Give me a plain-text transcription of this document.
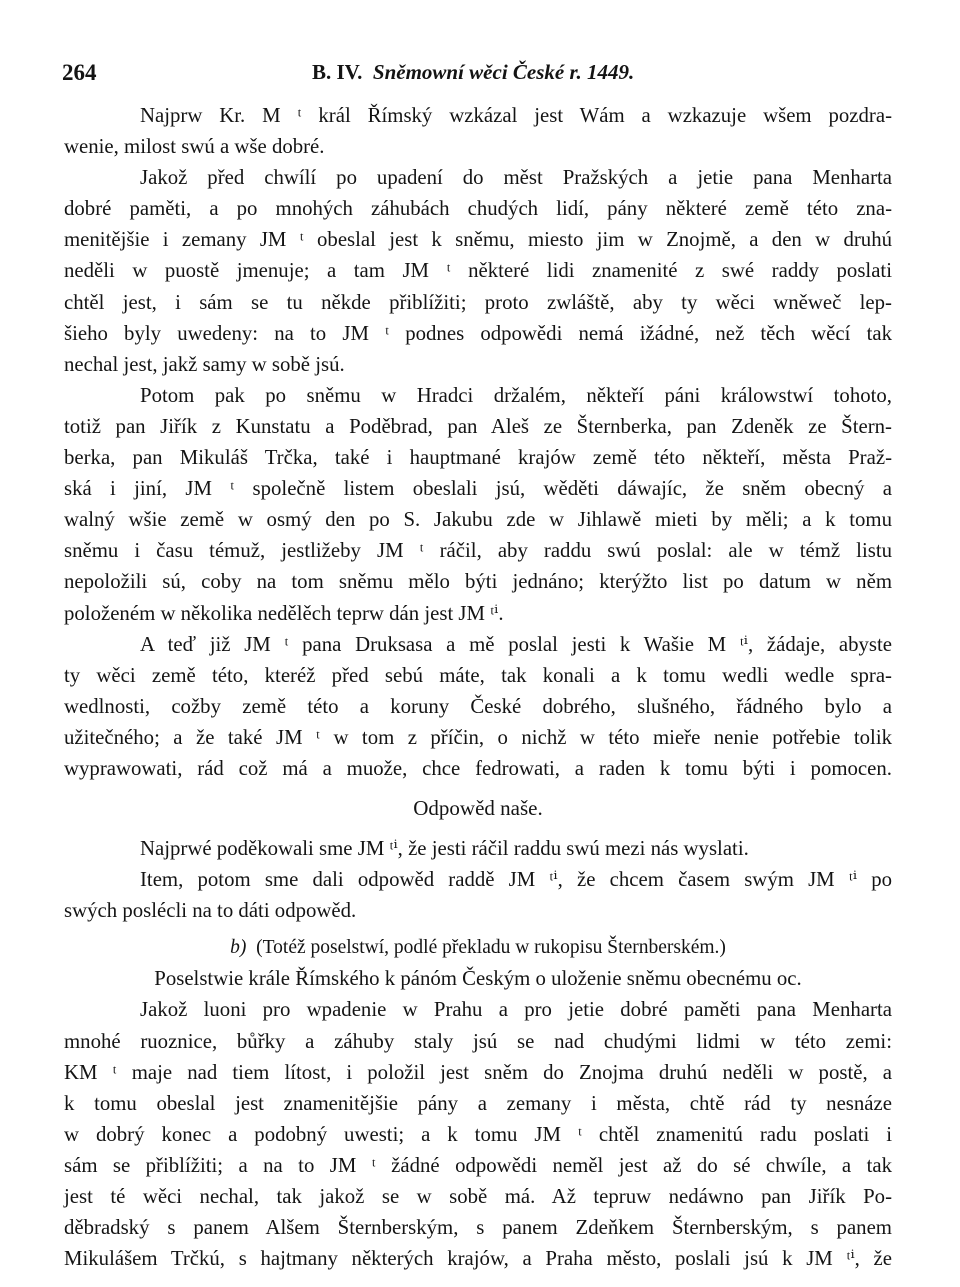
264	B. IV. Sněmowní wěci České r. 1449.

Najprw Kr. M ᵗ král Římský wzkázal jest Wám a wzkazuje wšem pozdra-
wenie, milost swú a wše dobré.

Jakož před chwílí po upadení do měst Pražských a jetie pana Menharta
dobré paměti, a po mnohých záhubách chudých lidí, pány některé země této zna-
menitějšie i zemany JM ᵗ obeslal jest k sněmu, miesto jim w Znojmě, a den w druhú
neděli w puostě jmenuje; a tam JM ᵗ některé lidi znamenité z swé raddy poslati
chtěl jest, i sám se tu někde přiblížiti; proto zwláště, aby ty wěci wněweč lep-
šieho byly uwedeny: na to JM ᵗ podnes odpowědi nemá ižádné, než těch wěcí tak
nechal jest, jakž samy w sobě jsú.

Potom pak po sněmu w Hradci držalém, někteří páni králowstwí tohoto,
totiž pan Jiřík z Kunstatu a Poděbrad, pan Aleš ze Šternberka, pan Zdeněk ze Štern-
berka, pan Mikuláš Trčka, také i hauptmané krajów země této někteří, města Praž-
ská i jiní, JM ᵗ společně listem obeslali jsú, wěděti dáwajíc, že sněm obecný a
walný wšie země w osmý den po S. Jakubu zde w Jihlawě mieti by měli; a k tomu
sněmu i času témuž, jestližeby JM ᵗ ráčil, aby raddu swú poslal: ale w témž listu
nepoložili sú, coby na tom sněmu mělo býti jednáno; kterýžto list po datum w něm
položeném w několika nedělěch teprw dán jest JM ᵗⁱ.

A teď již JM ᵗ pana Druksasa a mě poslal jesti k Wašie M ᵗⁱ, žádaje, abyste
ty wěci země této, kteréž před sebú máte, tak konali a k tomu wedli wedle spra-
wedlnosti, cožby země této a koruny České dobrého, slušného, řádného bylo a
užitečného; a že také JM ᵗ w tom z příčin, o nichž w této mieře nenie potřebie tolik
wyprawowati, rád což má a muože, chce fedrowati, a raden k tomu býti i pomocen.

Odpowěd naše.

Najprwé poděkowali sme JM ᵗⁱ, že jesti ráčil raddu swú mezi nás wyslati.

Item, potom sme dali odpowěd raddě JM ᵗⁱ, že chcem časem swým JM ᵗⁱ po
swých poslécli na to dáti odpowěd.

b) (Totéž poselstwí, podlé překladu w rukopisu Šternberském.)
Poselstwie krále Římského k pánóm Českým o uloženie sněmu obecnému oc.

Jakož luoni pro wpadenie w Prahu a pro jetie dobré paměti pana Menharta
mnohé ruoznice, bůřky a záhuby staly jsú se nad chudými lidmi w této zemi:
KM ᵗ maje nad tiem lítost, i položil jest sněm do Znojma druhú neděli w postě, a
k tomu obeslal jest znamenitějšie pány a zemany i města, chtě rád ty nesnáze
w dobrý konec a podobný uwesti; a k tomu JM ᵗ chtěl znamenitú radu poslati i
sám se přiblížiti; a na to JM ᵗ žádné odpowědi neměl jest až do sé chwíle, a tak
jest té wěci nechal, tak jakož se w sobě má. Až tepruw nedáwno pan Jiřík Po-
děbradský s panem Alšem Šternberským, s panem Zdeňkem Šternberským, s panem
Mikulášem Trčkú, s hajtmany některých krajów, a Praha město, poslali jsú k JM ᵗⁱ, že
